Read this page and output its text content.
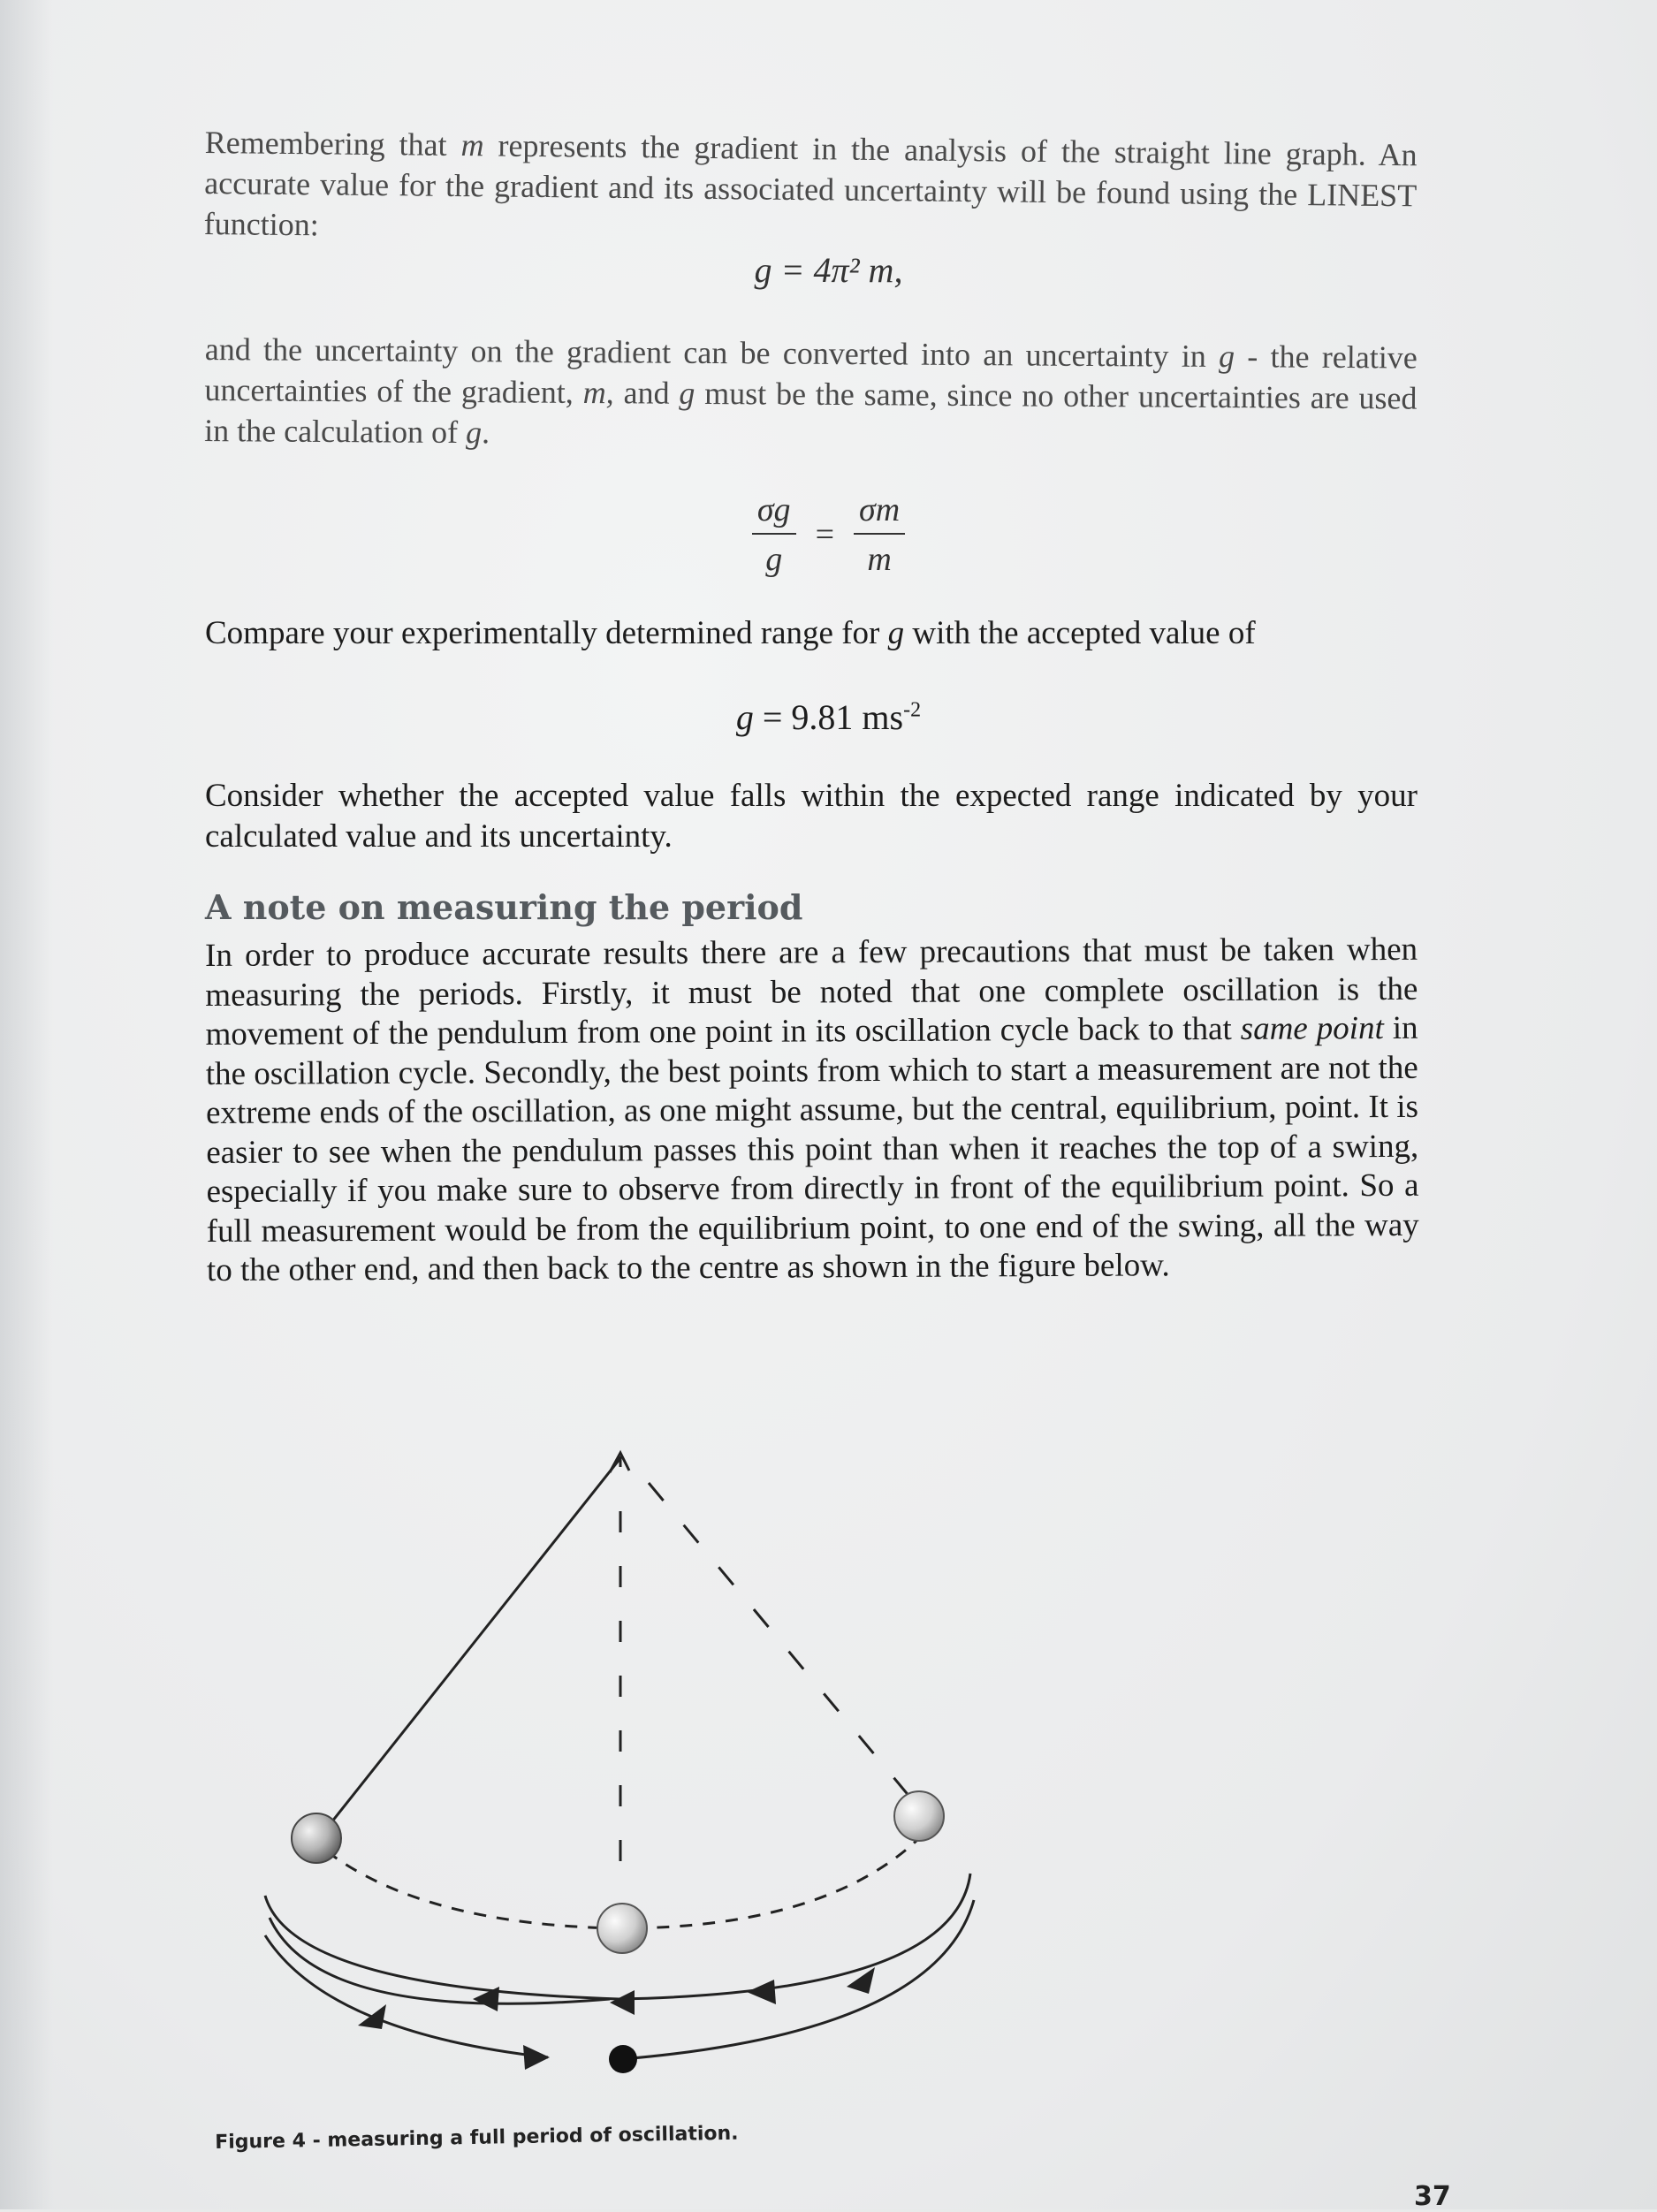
Remembering that m represents the gradient in the analysis of the straight line graph. An accurate value for the gradient and its associated uncertainty will be found using the LINEST function:

g = 4π² m,

and the uncertainty on the gradient can be converted into an uncertainty in g - the relative uncertainties of the gradient, m, and g must be the same, since no other uncertainties are used in the calculation of g.

$\frac{\sigma g}{g} = \frac{\sigma m}{m}$

Compare your experimentally determined range for g with the accepted value of

g = 9.81 $ms^{-2}$

Consider whether the accepted value falls within the expected range indicated by your calculated value and its uncertainty.

A note on measuring the period

In order to produce accurate results there are a few precautions that must be taken when measuring the periods. Firstly, it must be noted that one complete oscillation is the movement of the pendulum from one point in its oscillation cycle back to that same point in the oscillation cycle. Secondly, the best points from which to start a measurement are not the extreme ends of the oscillation, as one might assume, but the central, equilibrium, point. It is easier to see when the pendulum passes this point than when it reaches the top of a swing, especially if you make sure to observe from directly in front of the equilibrium point. So a full measurement would be from the equilibrium point, to one end of the swing, all the way to the other end, and then back to the centre as shown in the figure below.

Figure 4 - measuring a full period of oscillation.
37
